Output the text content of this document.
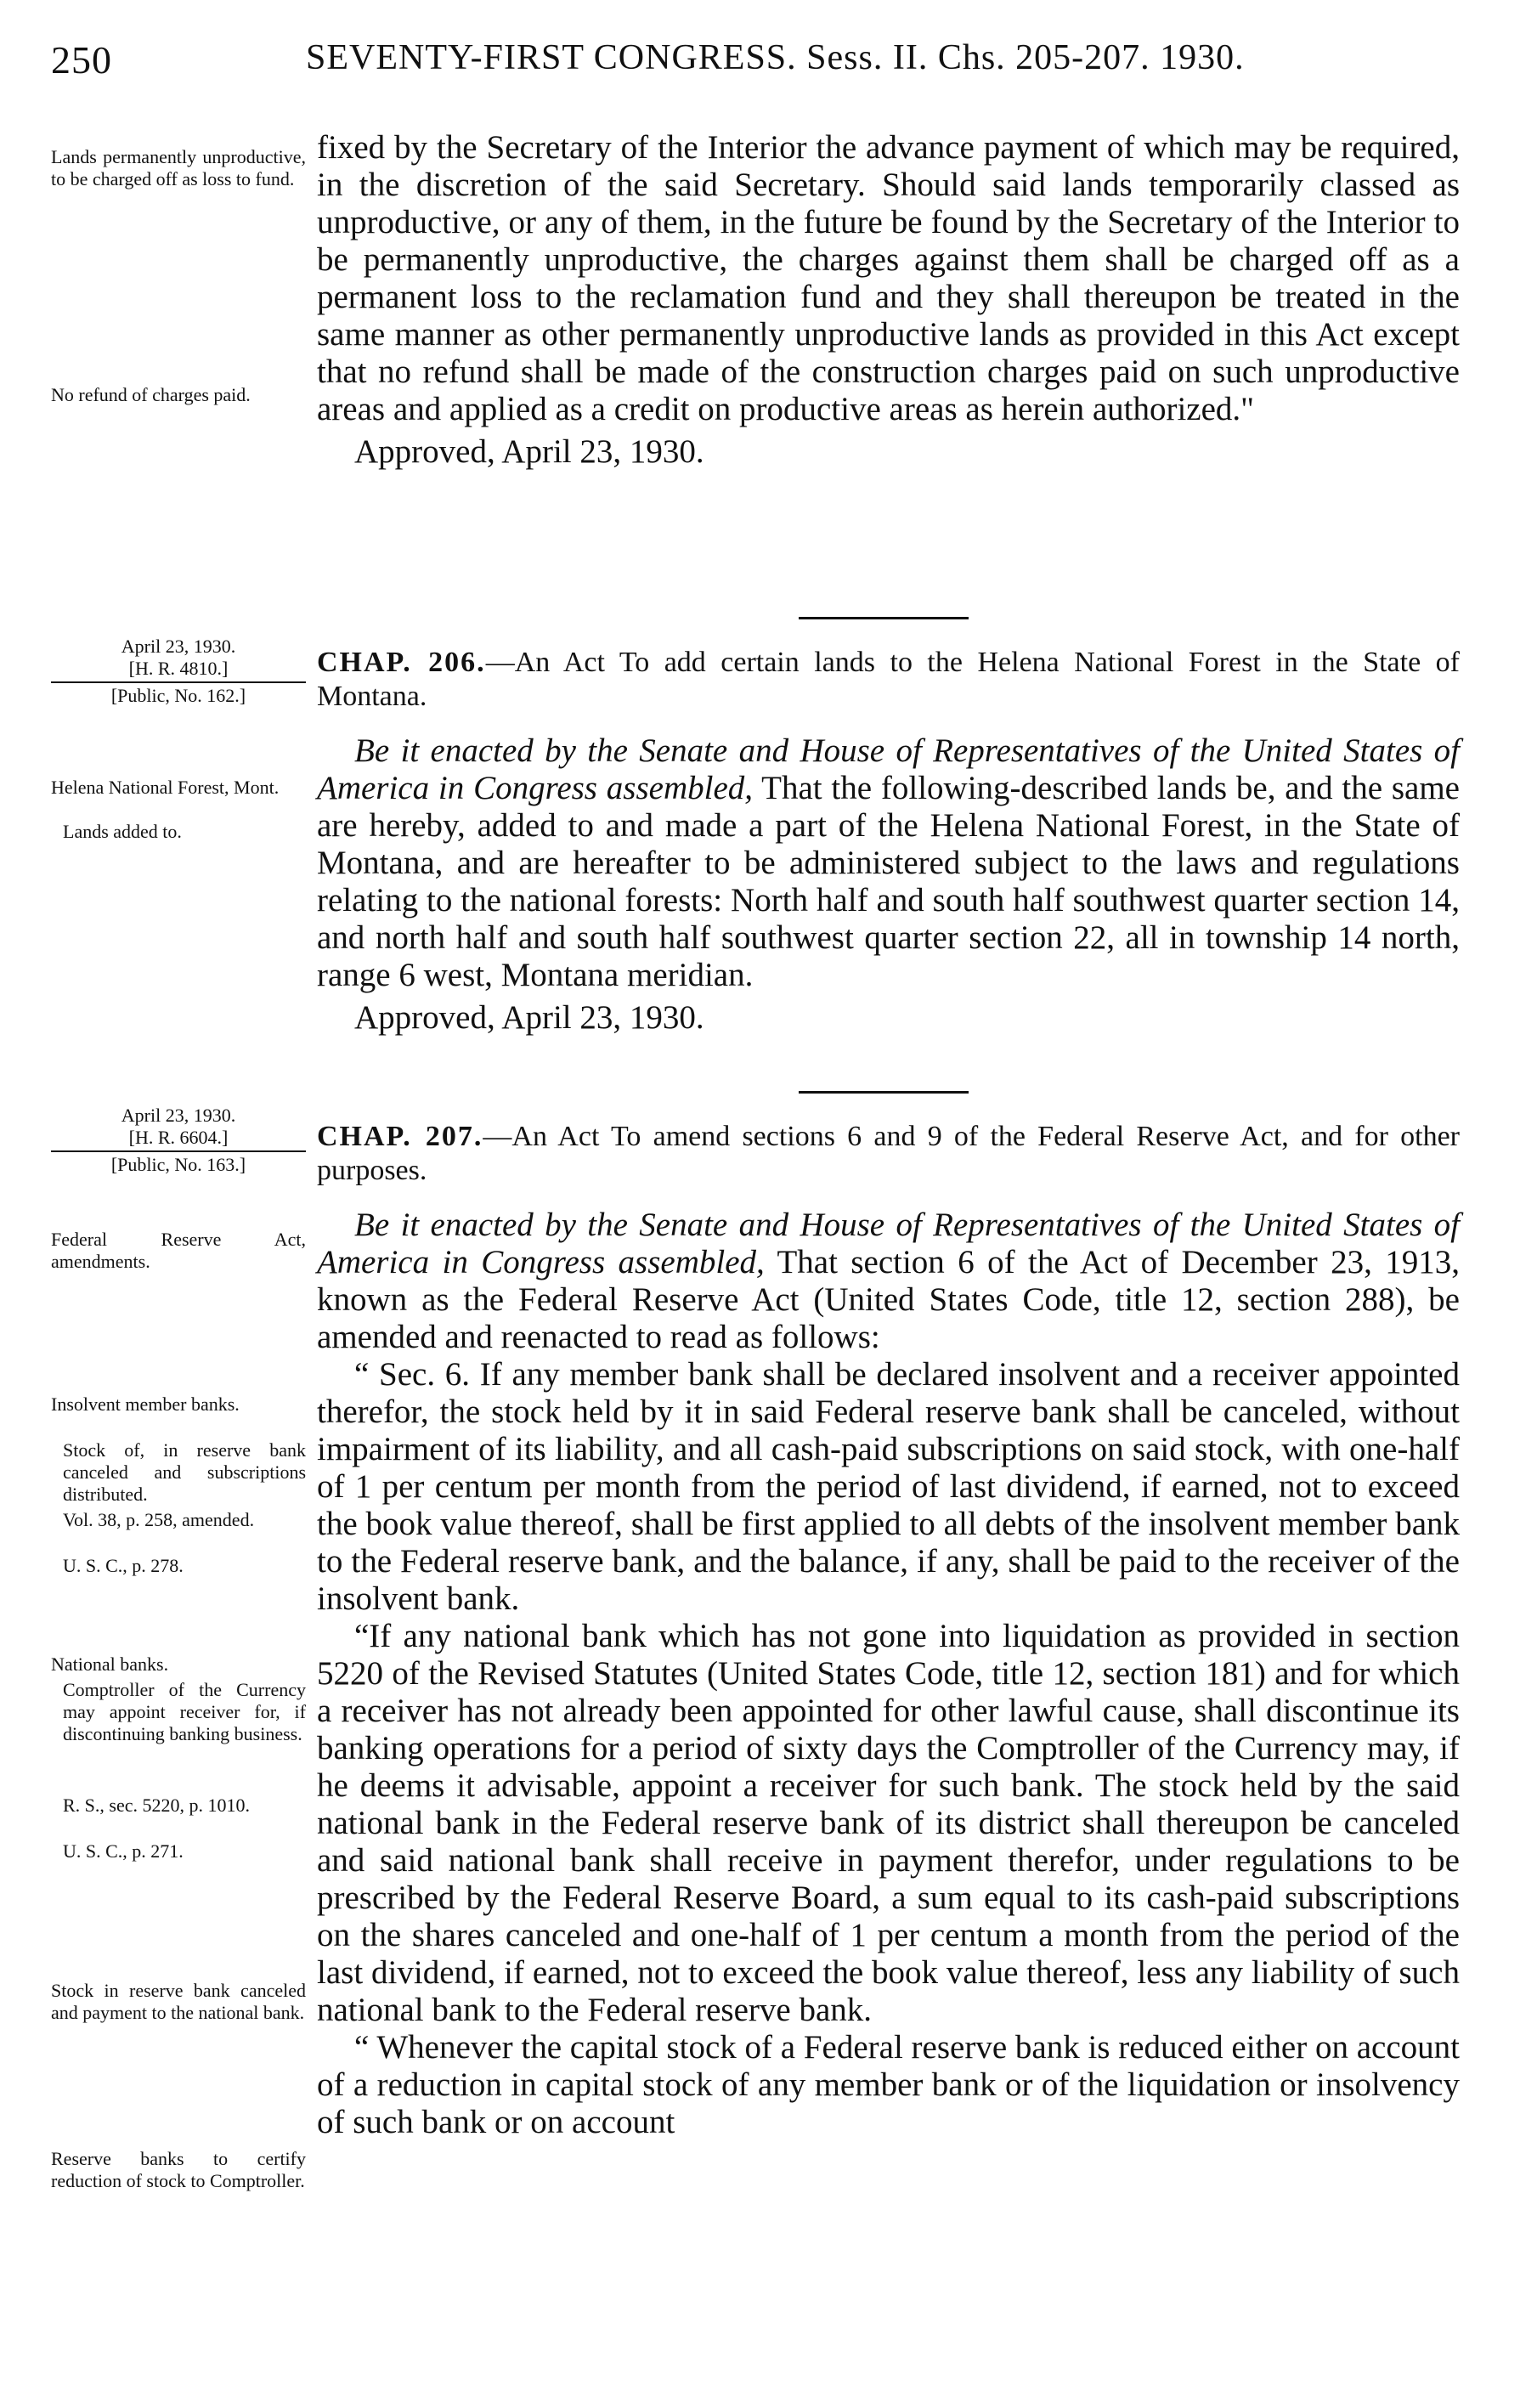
250	SEVENTY-FIRST CONGRESS. Sess. II. Chs. 205-207. 1930.
Lands permanently unproductive, to be charged off as loss to fund.
No refund of charges paid.
April 23, 1930.
[H. R. 4810.]
[Public, No. 162.]
Helena National Forest, Mont.
Lands added to.
April 23, 1930.
[H. R. 6604.]
[Public, No. 163.]
Federal Reserve Act, amendments.
Insolvent member banks.
Stock of, in reserve bank canceled and subscriptions distributed.
Vol. 38, p. 258, amended.
U. S. C., p. 278.
National banks.
Comptroller of the Currency may appoint receiver for, if discontinuing banking business.
R. S., sec. 5220, p. 1010.
U. S. C., p. 271.
Stock in reserve bank canceled and payment to the national bank.
Reserve banks to certify reduction of stock to Comptroller.

fixed by the Secretary of the Interior the advance payment of which may be required, in the discretion of the said Secretary. Should said lands temporarily classed as unproductive, or any of them, in the future be found by the Secretary of the Interior to be permanently unproductive, the charges against them shall be charged off as a permanent loss to the reclamation fund and they shall thereupon be treated in the same manner as other permanently unproductive lands as provided in this Act except that no refund shall be made of the construction charges paid on such unproductive areas and applied as a credit on productive areas as herein authorized."

Approved, April 23, 1930.

CHAP. 206.—An Act To add certain lands to the Helena National Forest in the State of Montana.

Be it enacted by the Senate and House of Representatives of the United States of America in Congress assembled, That the following-described lands be, and the same are hereby, added to and made a part of the Helena National Forest, in the State of Montana, and are hereafter to be administered subject to the laws and regulations relating to the national forests: North half and south half southwest quarter section 14, and north half and south half southwest quarter section 22, all in township 14 north, range 6 west, Montana meridian.

Approved, April 23, 1930.

CHAP. 207.—An Act To amend sections 6 and 9 of the Federal Reserve Act, and for other purposes.

Be it enacted by the Senate and House of Representatives of the United States of America in Congress assembled, That section 6 of the Act of December 23, 1913, known as the Federal Reserve Act (United States Code, title 12, section 288), be amended and reenacted to read as follows:

“ Sec. 6. If any member bank shall be declared insolvent and a receiver appointed therefor, the stock held by it in said Federal reserve bank shall be canceled, without impairment of its liability, and all cash-paid subscriptions on said stock, with one-half of 1 per centum per month from the period of last dividend, if earned, not to exceed the book value thereof, shall be first applied to all debts of the insolvent member bank to the Federal reserve bank, and the balance, if any, shall be paid to the receiver of the insolvent bank.

“If any national bank which has not gone into liquidation as provided in section 5220 of the Revised Statutes (United States Code, title 12, section 181) and for which a receiver has not already been appointed for other lawful cause, shall discontinue its banking operations for a period of sixty days the Comptroller of the Currency may, if he deems it advisable, appoint a receiver for such bank. The stock held by the said national bank in the Federal reserve bank of its district shall thereupon be canceled and said national bank shall receive in payment therefor, under regulations to be prescribed by the Federal Reserve Board, a sum equal to its cash-paid subscriptions on the shares canceled and one-half of 1 per centum a month from the period of the last dividend, if earned, not to exceed the book value thereof, less any liability of such national bank to the Federal reserve bank.

“ Whenever the capital stock of a Federal reserve bank is reduced either on account of a reduction in capital stock of any member bank or of the liquidation or insolvency of such bank or on account
